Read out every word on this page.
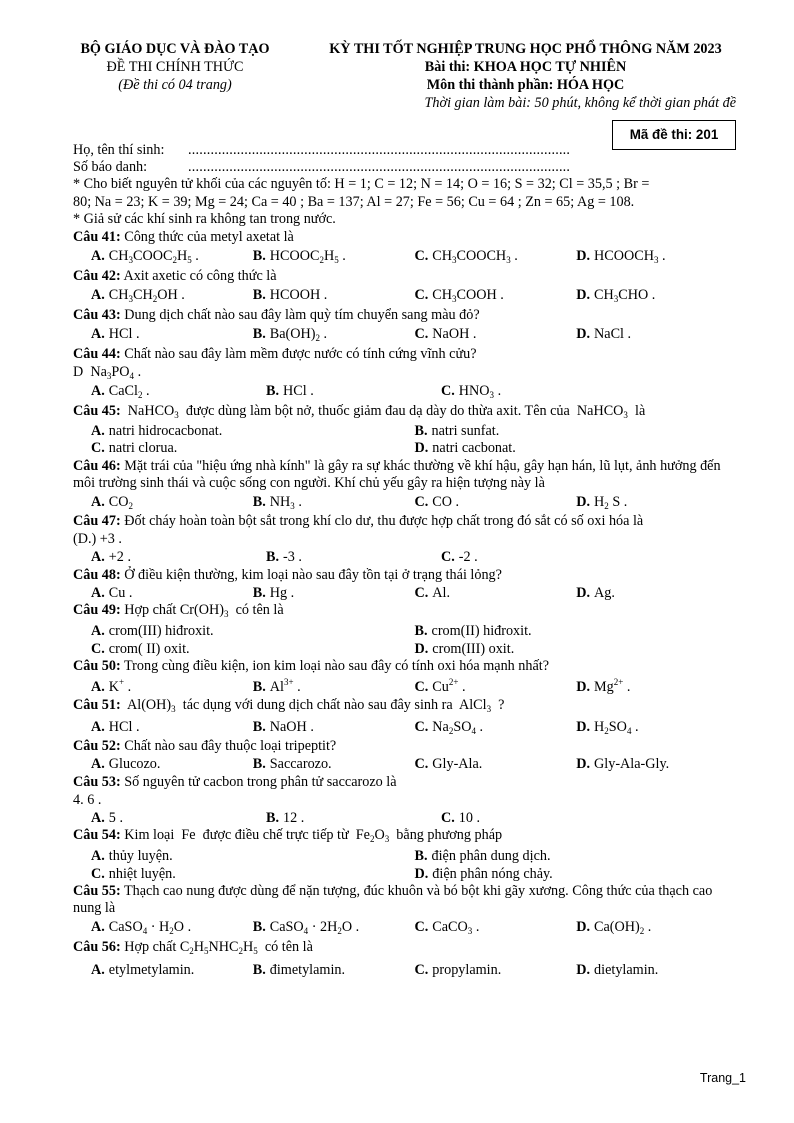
BỘ GIÁO DỤC VÀ ĐÀO TẠO
ĐỀ THI CHÍNH THỨC
(Đề thi có 04 trang)
KỲ THI TỐT NGHIỆP TRUNG HỌC PHỔ THÔNG NĂM 2023
Bài thi: KHOA HỌC TỰ NHIÊN
Môn thi thành phần: HÓA HỌC
Thời gian làm bài: 50 phút, không kể thời gian phát đề
Mã đề thi: 201
Họ, tên thí sinh:	......................................................................................................
Số báo danh:	......................................................................................................
* Cho biết nguyên tử khối của các nguyên tố: H = 1; C = 12; N = 14; O = 16; S = 32; Cl = 35,5 ; Br =
80; Na = 23; K = 39; Mg = 24; Ca = 40 ; Ba = 137; Al = 27; Fe = 56; Cu = 64 ; Zn = 65; Ag = 108.
* Giả sử các khí sinh ra không tan trong nước.
Câu 41: Công thức của metyl axetat là
A. $CH_3COOC_2H_5$ .	B. $HCOOC_2H_5$ .	C. $CH_3COOCH_3$ .	D. $HCOOCH_3$ .
Câu 42: Axit axetic có công thức là
A. $CH_3CH_2OH$ .	B. HCOOH .	C. $CH_3COOH$ .	D. $CH_3CHO$ .
Câu 43: Dung dịch chất nào sau đây làm quỳ tím chuyển sang màu đỏ?
A. HCl .	B. $Ba(OH)_2$ .	C. NaOH .	D. NaCl .
Câu 44: Chất nào sau đây làm mềm được nước có tính cứng vĩnh cửu?
D  $Na_3PO_4$ .
A. CaCl$_2$ .	B. HCl .	C. $HNO_3$ .
Câu 45:  NaHCO$_3$ được dùng làm bột nở, thuốc giảm đau dạ dày do thừa axit. Tên của  NaHCO$_3$ là
A. natri hidrocacbonat.	B. natri sunfat.
C. natri clorua.	D. natri cacbonat.
Câu 46: Mặt trái của "hiệu ứng nhà kính" là gây ra sự khác thường về khí hậu, gây hạn hán, lũ lụt, ảnh hưởng đến môi trường sinh thái và cuộc sống con người. Khí chủ yếu gây ra hiện tượng này là
A. $CO_2$	B. $NH_3$ .	C. CO .	D. $H_2$ S .
Câu 47: Đốt cháy hoàn toàn bột sắt trong khí clo dư, thu được hợp chất trong đó sắt có số oxi hóa là
(D.) +3 .
A. +2 .	B. -3 .	C. -2 .
Câu 48: Ở điều kiện thường, kim loại nào sau đây tồn tại ở trạng thái lỏng?
A. Cu .	B. Hg .	C. Al.	D. Ag.
Câu 49: Hợp chất $Cr(OH)_3$ có tên là
A. crom(III) hiđroxit.	B. crom(II) hiđroxit.
C. crom( II) oxit.	D. crom(III) oxit.
Câu 50: Trong cùng điều kiện, ion kim loại nào sau đây có tính oxi hóa mạnh nhất?
A. K+ .	B. $Al^{3+}$ .	C. $Cu^{2+}$ .	D. $Mg^{2+}$ .
Câu 51:  $Al(OH)_3$ tác dụng với dung dịch chất nào sau đây sinh ra  AlCl$_3$ ?
A. HCl .	B. NaOH .	C. $Na_2SO_4$ .	D. $H_2SO_4$ .
Câu 52: Chất nào sau đây thuộc loại tripeptit?
A. Glucozo.	B. Saccarozo.	C. Gly-Ala.	D. Gly-Ala-Gly.
Câu 53: Số nguyên tử cacbon trong phân tử saccarozo là
4. 6 .
A. 5 .	B. 12 .	C. 10 .
Câu 54: Kim loại  Fe  được điều chế trực tiếp từ  $Fe_2O_3$ bằng phương pháp
A. thủy luyện.	B. điện phân dung dịch.
C. nhiệt luyện.	D. điện phân nóng chảy.
Câu 55: Thạch cao nung được dùng để nặn tượng, đúc khuôn và bó bột khi gãy xương. Công thức của thạch cao nung là
A. CaSO$_4$ · $H_2O$ .	B. CaSO$_4$ · $2H_2O$ .	C. CaCO$_3$ .	D. $Ca(OH)_2$ .
Câu 56: Hợp chất $C_2H_5NHC_2H_5$ có tên là
A. etylmetylamin.	B. đimetylamin.	C. propylamin.	D. dietylamin.
Trang_1
